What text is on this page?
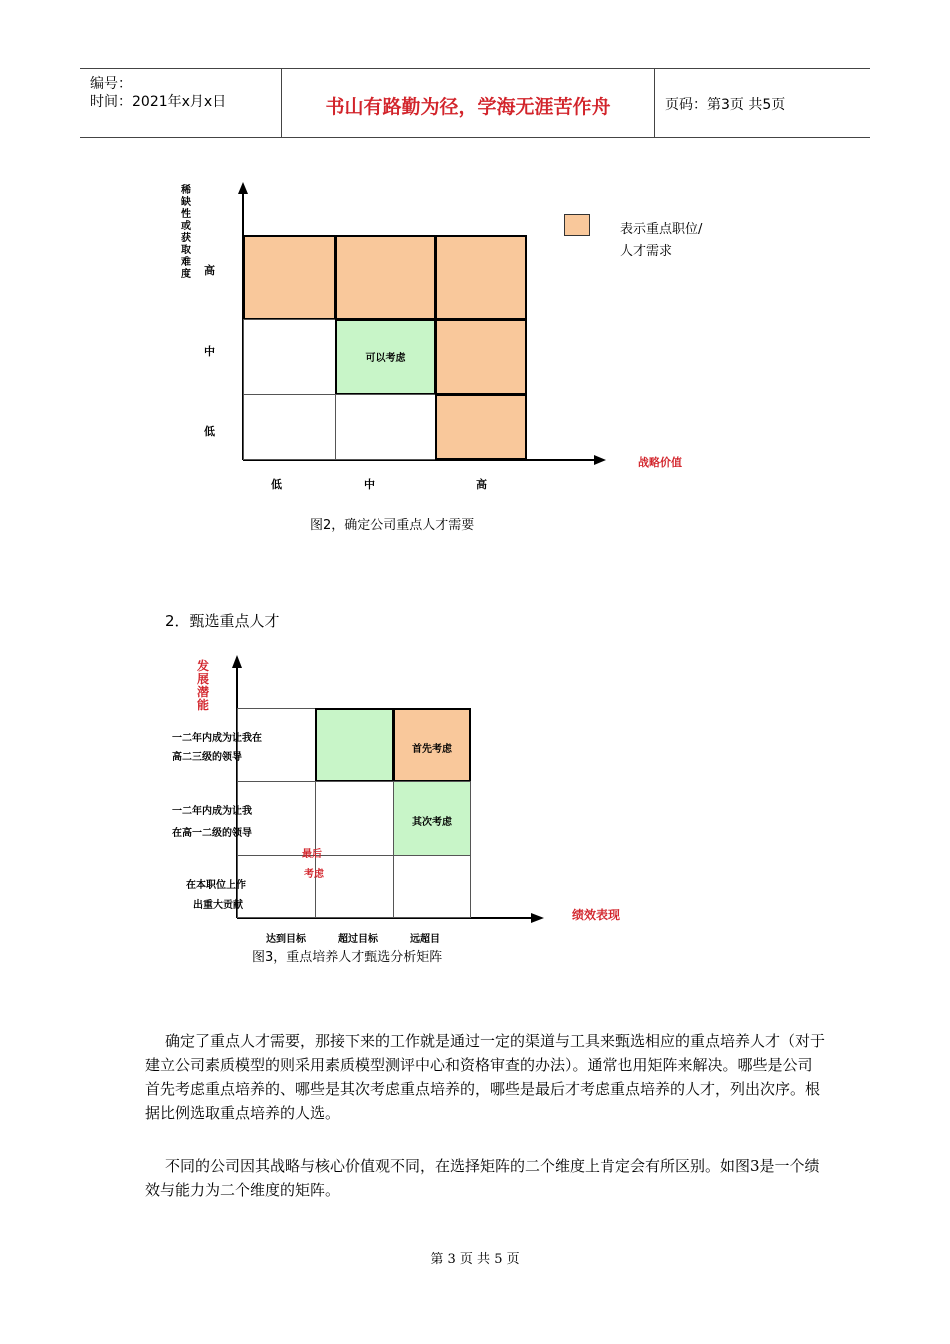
编号：
时间：2021年x月x日	书山有路勤为径，学海无涯苦作舟	页码：第3页 共5页
可以考虑
稀缺性或获取难度 高
中
低
低	中	高
战略价值
表示重点职位/人才需求
图2，确定公司重点人才需要
2．甄选重点人才
首先考虑
其次考虑
发展潜能
一二年内成为让我在
高二三级的领导
一二年内成为让我
在高一二级的领导
在本职位上作
出重大贡献
最后
考虑
达到目标	超过目标	远超目
绩效表现
图3，重点培养人才甄选分析矩阵
确定了重点人才需要，那接下来的工作就是通过一定的渠道与工具来甄选相应的重点培养人才（对于建立公司素质模型的则采用素质模型测评中心和资格审查的办法）。通常也用矩阵来解决。哪些是公司首先考虑重点培养的、哪些是其次考虑重点培养的，哪些是最后才考虑重点培养的人才，列出次序。根据比例选取重点培养的人选。
不同的公司因其战略与核心价值观不同，在选择矩阵的二个维度上肯定会有所区别。如图3是一个绩效与能力为二个维度的矩阵。
第 3 页 共 5 页
